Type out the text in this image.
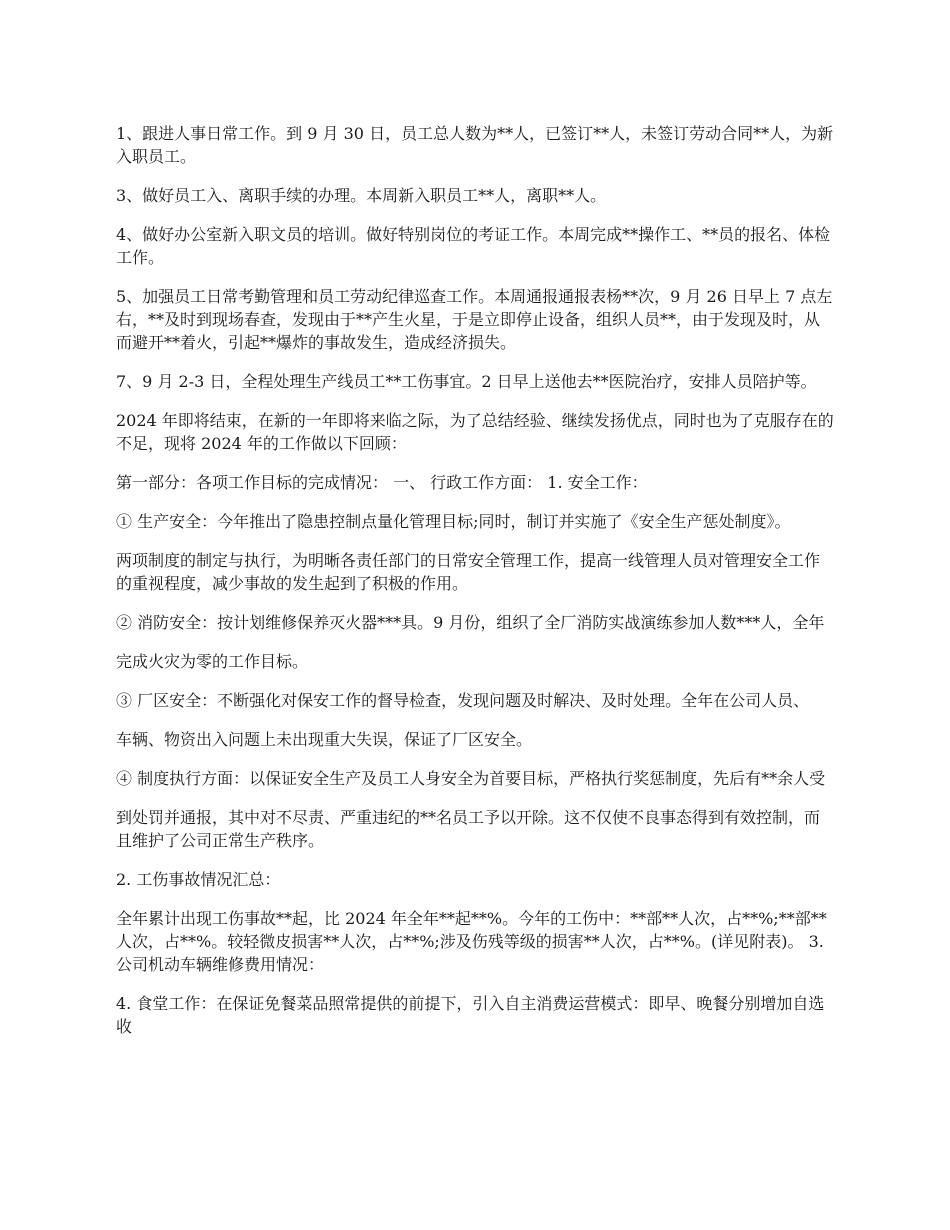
1、跟进人事日常工作。到 9 月 30 日，员工总人数为**人，已签订**人，未签订劳动合同**人，为新入职员工。

3、做好员工入、离职手续的办理。本周新入职员工**人，离职**人。

4、做好办公室新入职文员的培训。做好特别岗位的考证工作。本周完成**操作工、**员的报名、体检工作。

5、加强员工日常考勤管理和员工劳动纪律巡查工作。本周通报通报表杨**次，9 月 26 日早上 7 点左右，**及时到现场春查，发现由于**产生火星，于是立即停止设备，组织人员**，由于发现及时，从而避开**着火，引起**爆炸的事故发生，造成经济损失。

7、9 月 2-3 日，全程处理生产线员工**工伤事宜。2 日早上送他去**医院治疗，安排人员陪护等。

2024 年即将结束，在新的一年即将来临之际，为了总结经验、继续发扬优点，同时也为了克服存在的不足，现将 2024 年的工作做以下回顾：

第一部分：各项工作目标的完成情况： 一、 行政工作方面： 1. 安全工作：

① 生产安全：今年推出了隐患控制点量化管理目标;同时，制订并实施了《安全生产惩处制度》。

两项制度的制定与执行，为明晰各责任部门的日常安全管理工作，提高一线管理人员对管理安全工作的重视程度，减少事故的发生起到了积极的作用。

② 消防安全：按计划维修保养灭火器***具。9 月份，组织了全厂消防实战演练参加人数***人，全年

完成火灾为零的工作目标。

③ 厂区安全：不断强化对保安工作的督导检查，发现问题及时解决、及时处理。全年在公司人员、

车辆、物资出入问题上未出现重大失误，保证了厂区安全。

④ 制度执行方面：以保证安全生产及员工人身安全为首要目标，严格执行奖惩制度，先后有**余人受

到处罚并通报，其中对不尽责、严重违纪的**名员工予以开除。这不仅使不良事态得到有效控制，而且维护了公司正常生产秩序。

2. 工伤事故情况汇总：

全年累计出现工伤事故**起，比 2024 年全年**起**%。今年的工伤中：**部**人次，占**%;**部**人次，占**%。较轻微皮损害**人次，占**%;涉及伤残等级的损害**人次，占**%。(详见附表)。 3. 公司机动车辆维修费用情况：

4. 食堂工作：在保证免餐菜品照常提供的前提下，引入自主消费运营模式：即早、晚餐分别增加自选收
